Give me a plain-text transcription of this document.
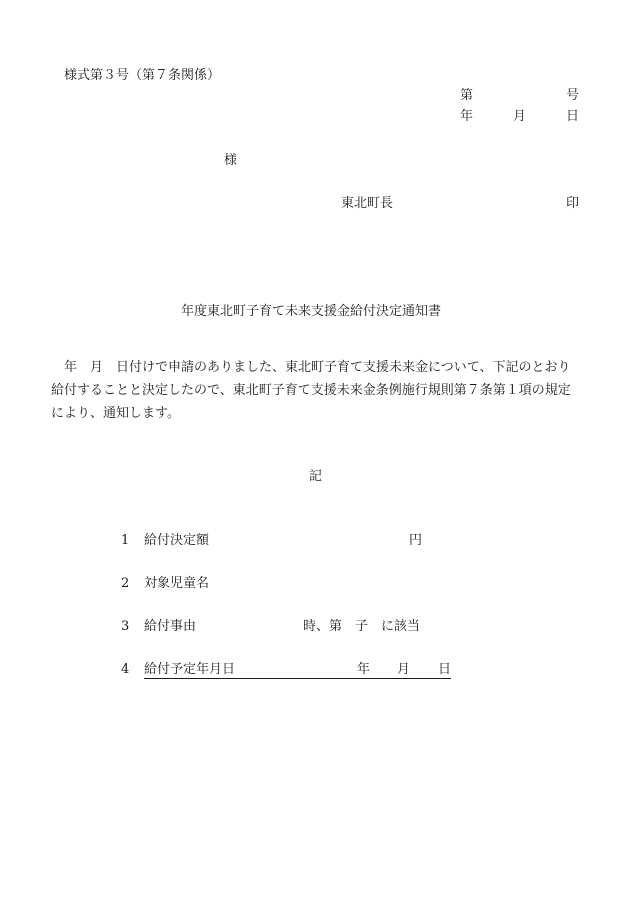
様式第３号（第７条関係）
第	号
年	月	日
様
東北町長	印
年度東北町子育て未来支援金給付決定通知書
　年　月　日付けで申請のありました、東北町子育て支援未来金について、下記のとおり
給付することと決定したので、東北町子育て支援未来金条例施行規則第７条第１項の規定
により、通知します。
記
1 給付決定額	円
2 対象児童名
3 給付事由	時、第　子　に該当
4 給付予定年月日	年 月 日
